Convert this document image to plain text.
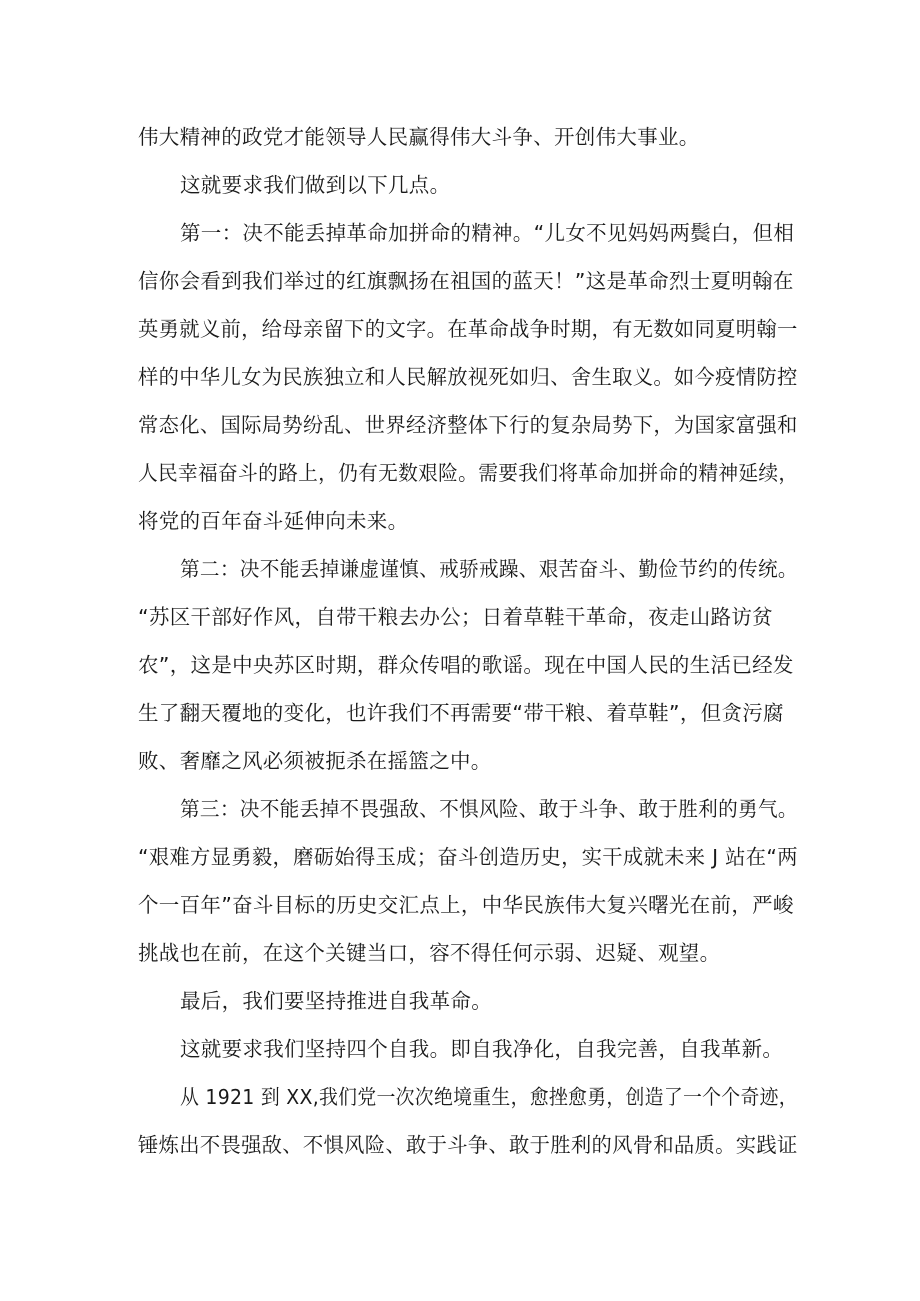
伟大精神的政党才能领导人民赢得伟大斗争、开创伟大事业。
这就要求我们做到以下几点。
第一：决不能丢掉革命加拼命的精神。“儿女不见妈妈两鬓白，但相
信你会看到我们举过的红旗飘扬在祖国的蓝天！”这是革命烈士夏明翰在
英勇就义前，给母亲留下的文字。在革命战争时期，有无数如同夏明翰一
样的中华儿女为民族独立和人民解放视死如归、舍生取义。如今疫情防控
常态化、国际局势纷乱、世界经济整体下行的复杂局势下，为国家富强和
人民幸福奋斗的路上，仍有无数艰险。需要我们将革命加拼命的精神延续，
将党的百年奋斗延伸向未来。
第二：决不能丢掉谦虚谨慎、戒骄戒躁、艰苦奋斗、勤俭节约的传统。
“苏区干部好作风，自带干粮去办公；日着草鞋干革命，夜走山路访贫
农”，这是中央苏区时期，群众传唱的歌谣。现在中国人民的生活已经发
生了翻天覆地的变化，也许我们不再需要“带干粮、着草鞋”，但贪污腐
败、奢靡之风必须被扼杀在摇篮之中。
第三：决不能丢掉不畏强敌、不惧风险、敢于斗争、敢于胜利的勇气。
“艰难方显勇毅，磨砺始得玉成；奋斗创造历史，实干成就未来 J 站在“两
个一百年”奋斗目标的历史交汇点上，中华民族伟大复兴曙光在前，严峻
挑战也在前，在这个关键当口，容不得任何示弱、迟疑、观望。
最后，我们要坚持推进自我革命。
这就要求我们坚持四个自我。即自我净化，自我完善，自我革新。
从 1921 到 XX,我们党一次次绝境重生，愈挫愈勇，创造了一个个奇迹，
锤炼出不畏强敌、不惧风险、敢于斗争、敢于胜利的风骨和品质。实践证
